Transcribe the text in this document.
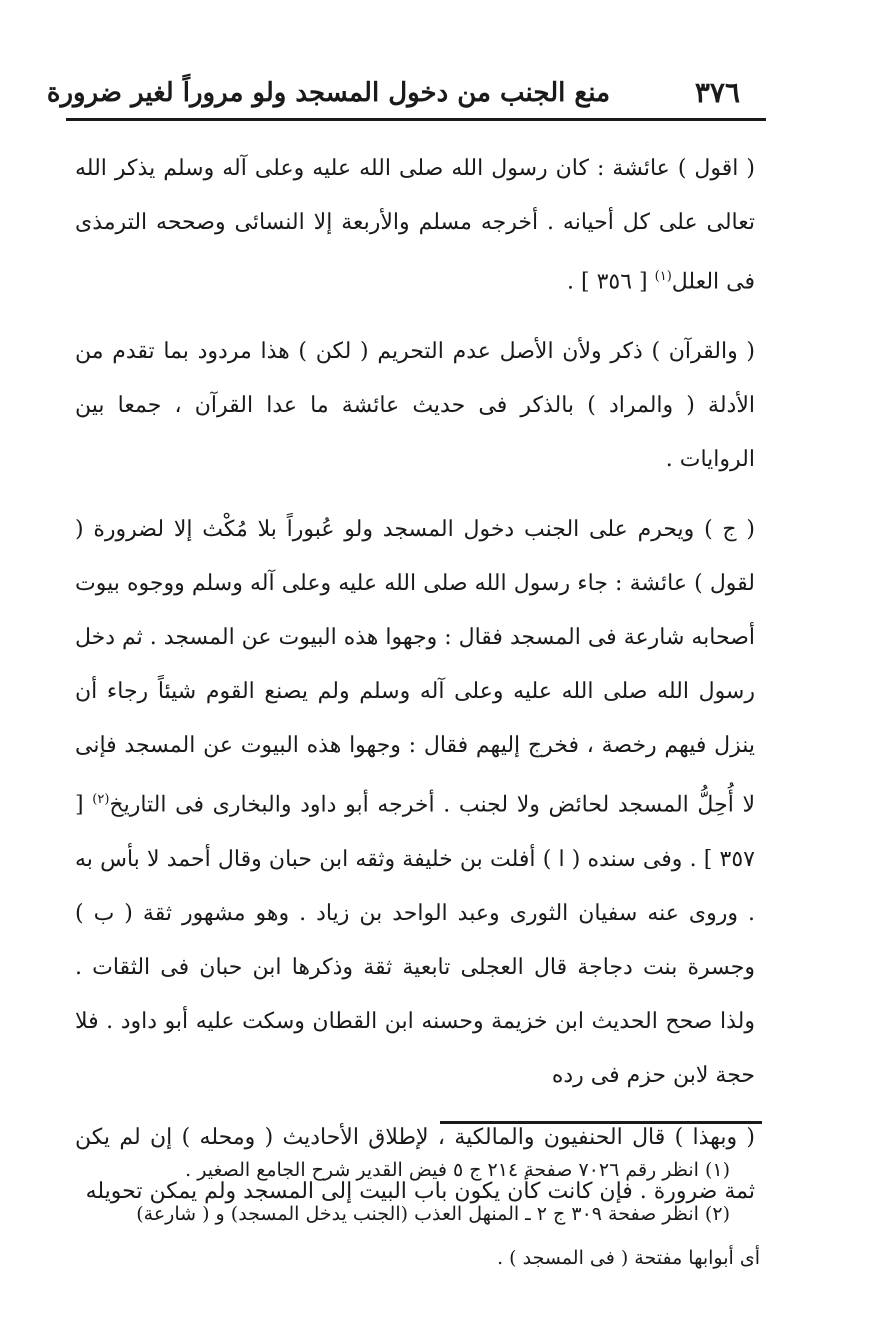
٣٧٦
منع الجنب من دخول المسجد ولو مروراً لغير ضرورة

( اقول ) عائشة : كان رسول الله صلى الله عليه وعلى آله وسلم يذكر الله تعالى على كل أحيانه . أخرجه مسلم والأربعة إلا النسائى وصححه الترمذى فى العلل$^{(١)}$ [ ٣٥٦ ] .

( والقرآن ) ذكر ولأن الأصل عدم التحريم ( لكن ) هذا مردود بما تقدم من الأدلة ( والمراد ) بالذكر فى حديث عائشة ما عدا القرآن ، جمعا بين الروايات .

( ج ) ويحرم على الجنب دخول المسجد ولو عُبوراً بلا مُكْث إلا لضرورة ( لقول ) عائشة : جاء رسول الله صلى الله عليه وعلى آله وسلم ووجوه بيوت أصحابه شارعة فى المسجد فقال : وجهوا هذه البيوت عن المسجد . ثم دخل رسول الله صلى الله عليه وعلى آله وسلم ولم يصنع القوم شيئاً رجاء أن ينزل فيهم رخصة ، فخرج إليهم فقال : وجهوا هذه البيوت عن المسجد فإنى لا أُحِلُّ المسجد لحائض ولا لجنب . أخرجه أبو داود والبخارى فى التاريخ$^{(٢)}$ [ ٣٥٧ ] . وفى سنده ( ا ) أفلت بن خليفة وثقه ابن حبان وقال أحمد لا بأس به . وروى عنه سفيان الثورى وعبد الواحد بن زياد . وهو مشهور ثقة ( ب ) وجسرة بنت دجاجة قال العجلى تابعية ثقة وذكرها ابن حبان فى الثقات . ولذا صحح الحديث ابن خزيمة وحسنه ابن القطان وسكت عليه أبو داود . فلا حجة لابن حزم فى رده

( وبهذا ) قال الحنفيون والمالكية ، لإطلاق الأحاديث ( ومحله ) إن لم يكن ثمة ضرورة . فإن كانت كأن يكون باب البيت إلى المسجد ولم يمكن تحويله

(١) انظر رقم ٧٠٢٦ صفحة ٢١٤ ج ٥ فيض القدير شرح الجامع الصغير .

(٢) انظر صفحة ٣٠٩ ج ٢ ـ المنهل العذب (الجنب يدخل المسجد) و ( شارعة)

أى أبوابها مفتحة ( فى المسجد ) .
